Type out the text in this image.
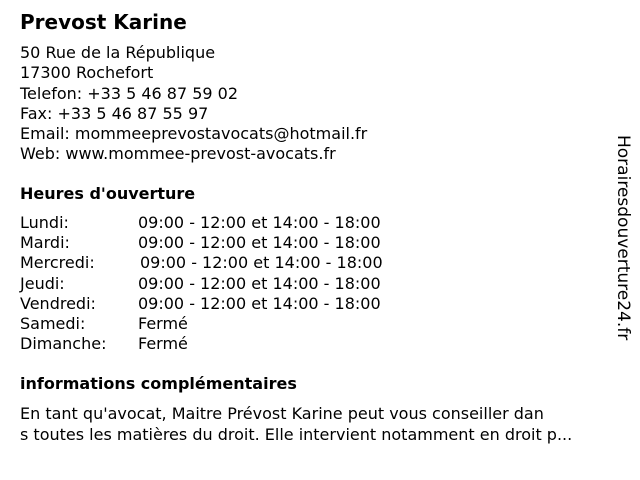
Prevost Karine
50 Rue de la République
17300 Rochefort
Telefon: +33 5 46 87 59 02
Fax: +33 5 46 87 55 97
Email: mommeeprevostavocats@hotmail.fr
Web: www.mommee-prevost-avocats.fr
Heures d'ouverture
Lundi:	09:00 - 12:00 et 14:00 - 18:00
Mardi:	09:00 - 12:00 et 14:00 - 18:00
Mercredi:	09:00 - 12:00 et 14:00 - 18:00
Jeudi:	09:00 - 12:00 et 14:00 - 18:00
Vendredi:	09:00 - 12:00 et 14:00 - 18:00
Samedi:	Fermé
Dimanche: Fermé
informations complémentaires
En tant qu'avocat, Maitre Prévost Karine peut vous conseiller dan
s toutes les matières du droit. Elle intervient notamment en droit p...
Horairesdouverture24.fr
